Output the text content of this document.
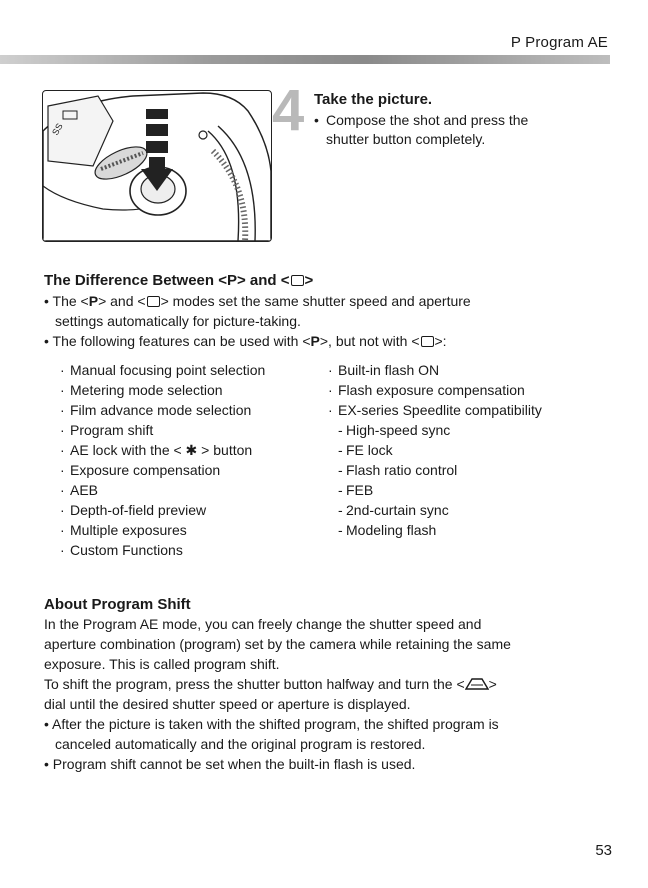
P Program AE
SS	4 Take the picture.
• Compose the shot and press the
shutter button completely.
The Difference Between <P> and < >
• The <P> and < > modes set the same shutter speed and aperture
settings automatically for picture-taking.
• The following features can be used with <P>, but not with < >:
· Manual focusing point selection
· Metering mode selection
· Film advance mode selection
· Program shift
· AE lock with the < ✱ > button
· Exposure compensation
· AEB
· Depth-of-field preview
· Multiple exposures
· Custom Functions
· Built-in flash ON
· Flash exposure compensation
· EX-series Speedlite compatibility
- High-speed sync
- FE lock
- Flash ratio control
- FEB
- 2nd-curtain sync
- Modeling flash
About Program Shift
In the Program AE mode, you can freely change the shutter speed and
aperture combination (program) set by the camera while retaining the same
exposure. This is called program shift.
To shift the program, press the shutter button halfway and turn the < >
dial until the desired shutter speed or aperture is displayed.
• After the picture is taken with the shifted program, the shifted program is
canceled automatically and the original program is restored.
• Program shift cannot be set when the built-in flash is used.
53
